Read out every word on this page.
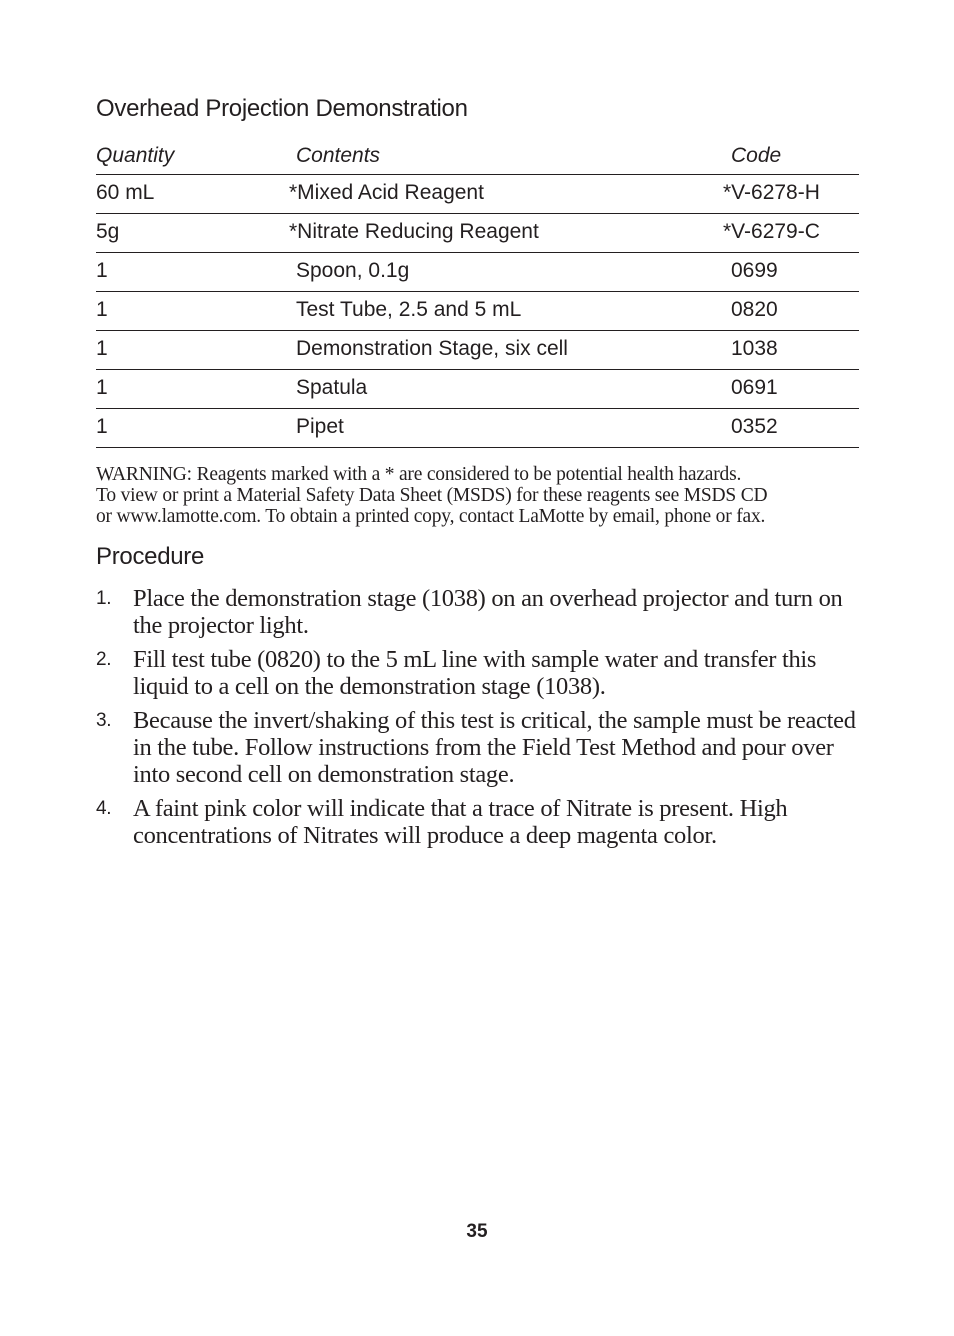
Overhead Projection Demonstration
Quantity	Contents	Code
60 mL	*Mixed Acid Reagent	*V-6278-H
5g	*Nitrate Reducing Reagent	*V-6279-C
1	Spoon, 0.1g	0699
1	Test Tube, 2.5 and 5 mL	0820
1	Demonstration Stage, six cell	1038
1	Spatula	0691
1	Pipet	0352

WARNING: Reagents marked with a * are considered to be potential health hazards.
To view or print a Material Safety Data Sheet (MSDS) for these reagents see MSDS CD
or www.lamotte.com. To obtain a printed copy, contact LaMotte by email, phone or fax.

Procedure
1. Place the demonstration stage (1038) on an overhead projector and turn on the projector light.
2. Fill test tube (0820) to the 5 mL line with sample water and transfer this liquid to a cell on the demonstration stage (1038).
3. Because the invert/shaking of this test is critical, the sample must be reacted in the tube. Follow instructions from the Field Test Method and pour over into second cell on demonstration stage.
4. A faint pink color will indicate that a trace of Nitrate is present. High concentrations of Nitrates will produce a deep magenta color.
35
